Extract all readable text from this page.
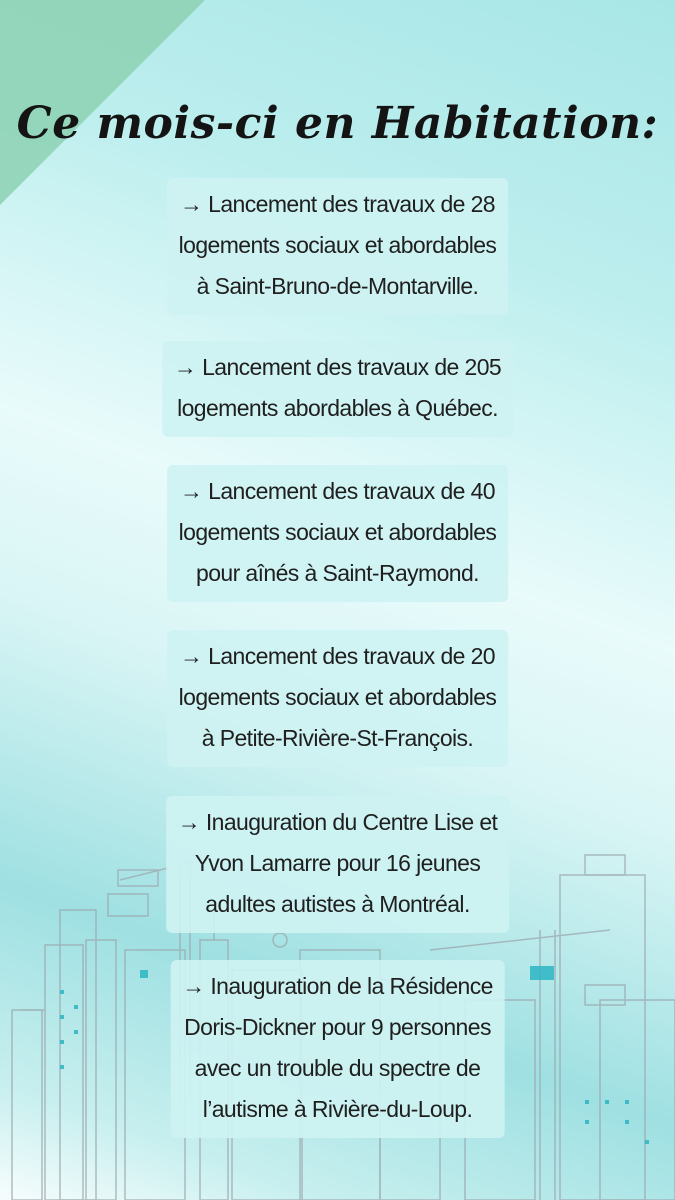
Ce mois-ci en Habitation:
→ Lancement des travaux de 28
logements sociaux et abordables
à Saint-Bruno-de-Montarville.
→ Lancement des travaux de 205
logements abordables à Québec.
→ Lancement des travaux de 40
logements sociaux et abordables
pour aînés à Saint-Raymond.
→ Lancement des travaux de 20
logements sociaux et abordables
à Petite-Rivière-St-François.
→ Inauguration du Centre Lise et
Yvon Lamarre pour 16 jeunes
adultes autistes à Montréal.
→ Inauguration de la Résidence
Doris-Dickner pour 9 personnes
avec un trouble du spectre de
l’autisme à Rivière-du-Loup.
